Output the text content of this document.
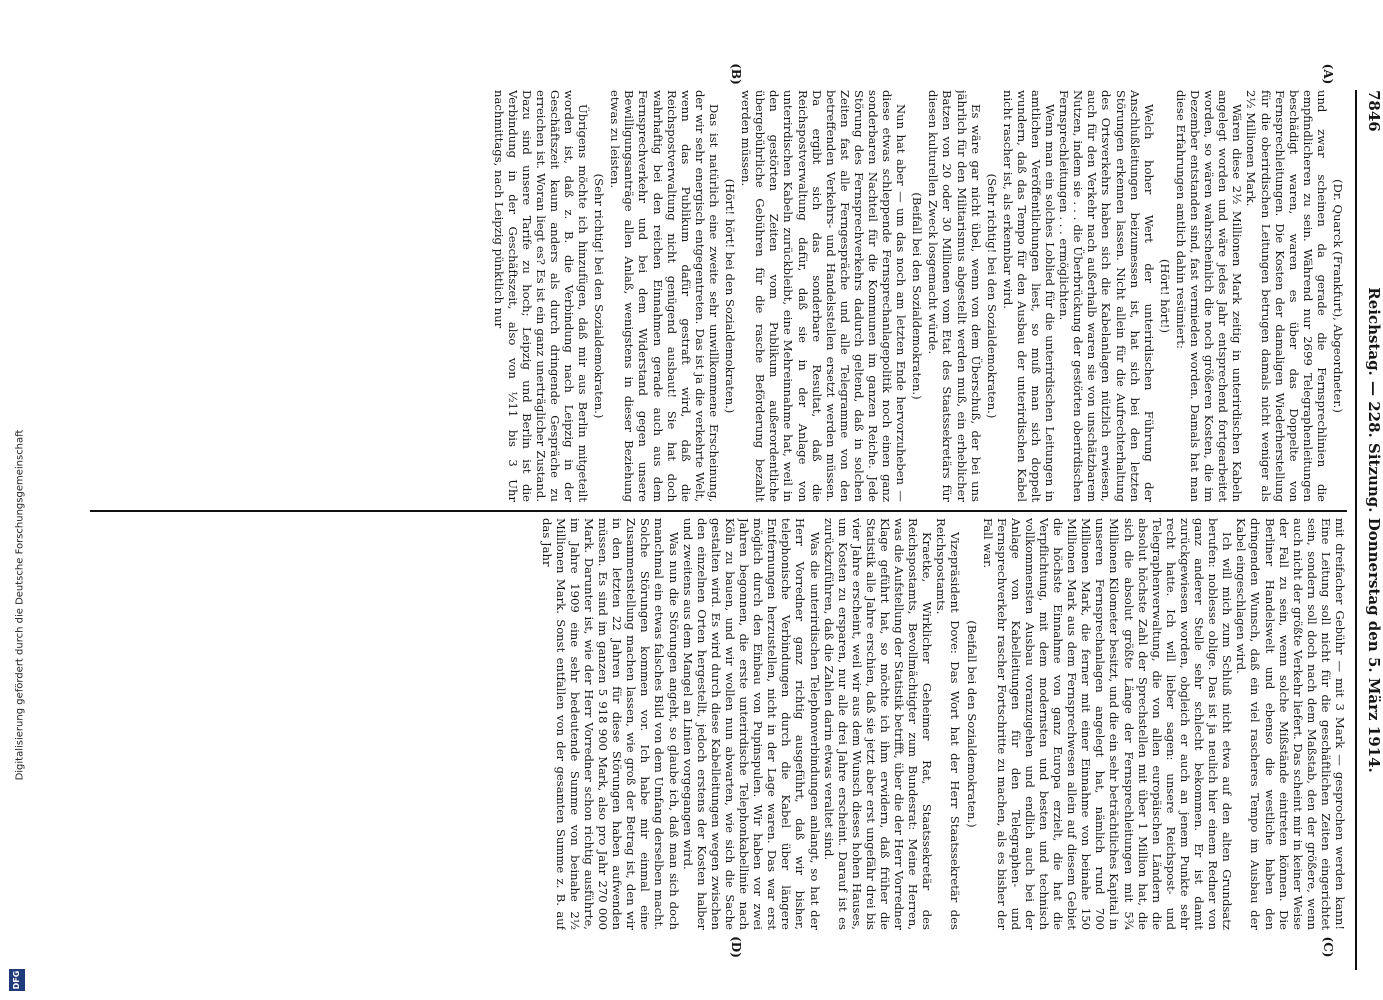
Digitalisierung gefördert durch die Deutsche Forschungsgemeinschaft
DFG
7846
Reichstag. — 228. Sitzung. Donnerstag den 5. März 1914.
(A)
(B)
(C)
(D)

(Dr. Quarck (Frankfurt), Abgeordneter.)

und zwar scheinen da gerade die Fernsprechlinien die empfindlicheren zu sein. Während nur 2699 Telegraphenleitungen beschädigt waren, waren es über das Doppelte von Fernsprechleitungen. Die Kosten der damaligen Wiederherstellung für die oberirdischen Leitungen betrugen damals nicht weniger als 2½ Millionen Mark.

Wären diese 2½ Millionen Mark zeitig in unterirdischen Kabeln angelegt worden und wäre jedes Jahr entsprechend fortgearbeitet worden, so wären wahrscheinlich die noch größeren Kosten, die im Dezember entstanden sind, fast vermieden worden. Damals hat man diese Erfahrungen amtlich dahin resümiert:

(Hört! hört!)

Welch hoher Wert der unterirdischen Führung der Anschlußleitungen beizumessen ist, hat sich bei den letzten Störungen erkennen lassen. Nicht allein für die Aufrechterhaltung des Ortsverkehrs haben sich die Kabelanlagen nützlich erwiesen, auch für den Verkehr nach außerhalb waren sie von unschätzbarem Nutzen, indem sie . . . die Überbrückung der gestörten oberirdischen Fernsprechleitungen . . . ermöglichten.

Wenn man ein solches Loblied für die unterirdischen Leitungen in amtlichen Veröffentlichungen liest, so muß man sich doppelt wundern, daß das Tempo für den Ausbau der unterirdischen Kabel nicht rascher ist, als erkennbar wird.

(Sehr richtig! bei den Sozialdemokraten.)

Es wäre gar nicht übel, wenn von dem Überschuß, der bei uns jährlich für den Militarismus abgestellt werden muß, ein erheblicher Batzen von 20 oder 30 Millionen vom Etat des Staatssekretärs für diesen kulturellen Zweck losgemacht würde.

(Beifall bei den Sozialdemokraten.)

Nun hat aber — um das noch am letzten Ende hervorzuheben — diese etwas schleppende Fernsprechanlagepolitik noch einen ganz sonderbaren Nachteil für die Kommunen im ganzen Reiche. Jede Störung des Fernsprechverkehrs dadurch geltend, daß in solchen Zeiten fast alle Ferngespräche und alle Telegramme von den betreffenden Verkehrs- und Handelsstellen ersetzt werden müssen. Da ergibt sich das sonderbare Resultat, daß die Reichspostverwaltung dafür, daß sie in der Anlage von unterirdischen Kabeln zurückbleibt, eine Mehreinnahme hat, weil in den gestörten Zeiten vom Publikum außerordentliche übergebührliche Gebühren für die rasche Beförderung bezahlt werden müssen.

(Hört! hört! bei den Sozialdemokraten.)

Das ist natürlich eine zweite sehr unwillkommene Erscheinung, der wir sehr energisch entgegentreten. Das ist ja die verkehrte Welt, wenn das Publikum dafür gestraft wird, daß die Reichspostverwaltung nicht genügend ausbaut! Sie hat doch wahrhaftig bei den reichen Einnahmen gerade auch aus dem Fernsprechverkehr und bei dem Widerstand gegen unsere Bewilligungsanträge allen Anlaß, wenigstens in dieser Beziehung etwas zu leisten.

(Sehr richtig! bei den Sozialdemokraten.)

Übrigens möchte ich hinzufügen, daß mir aus Berlin mitgeteilt worden ist, daß z. B. die Verbindung nach Leipzig in der Geschäftszeit kaum anders als durch dringende Gespräche zu erreichen ist. Woran liegt es? Es ist ein ganz unerträglicher Zustand. Dazu sind unsere Tarife zu hoch; Leipzig und Berlin ist die Verbindung in der Geschäftszeit, also von ½11 bis 3 Uhr nachmittags, nach Leipzig pünktlich nur

mit dreifacher Gebühr — mit 3 Mark — gesprochen werden kann! Eine Leitung soll nicht für die geschäftlichen Zeiten eingerichtet sein, sondern soll doch nach dem Maßstab, den der größere, wenn auch nicht der größte Verkehr liefert. Das scheint mir in keiner Weise der Fall zu sein, wenn solche Mißstände eintreten können. Die Berliner Handelswelt und ebenso die westliche haben den dringenden Wunsch, daß ein viel rascheres Tempo im Ausbau der Kabel eingeschlagen wird.

Ich will mich zum Schluß nicht etwa auf den alten Grundsatz berufen: noblesse oblige. Das ist ja neulich hier einem Redner von ganz anderer Stelle sehr schlecht bekommen. Er ist damit zurückgewiesen worden, obgleich er auch an jenem Punkte sehr recht hatte. Ich will lieber sagen: unsere Reichspost- und Telegraphenverwaltung, die von allen europäischen Ländern die absolut höchste Zahl der Sprechstellen mit über 1 Million hat, die sich die absolut größte Länge der Fernsprechleitungen mit 5¾ Millionen Kilometer besitzt, und die ein sehr beträchtliches Kapital in unseren Fernsprechanlagen angelegt hat, nämlich rund 700 Millionen Mark, die ferner mit einer Einnahme von beinahe 150 Millionen Mark aus dem Fernsprechwesen allein auf diesem Gebiet die höchste Einnahme von ganz Europa erzielt, die hat die Verpflichtung, mit dem modernsten und besten und technisch vollkommensten Ausbau voranzugehen und endlich auch bei der Anlage von Kabelleitungen für den Telegraphen- und Fernsprechverkehr rascher Fortschritte zu machen, als es bisher der Fall war.

(Beifall bei den Sozialdemokraten.)

Vizepräsident Dove: Das Wort hat der Herr Staatssekretär des Reichspostamts.

Kraetke, Wirklicher Geheimer Rat, Staatssekretär des Reichspostamts, Bevollmächtigter zum Bundesrat: Meine Herren, was die Aufstellung der Statistik betrifft, über die der Herr Vorredner Klage geführt hat, so möchte ich ihm erwidern, daß früher die Statistik alle Jahre erschien, daß sie jetzt aber erst ungefähr drei bis vier Jahre erscheint, weil wir aus dem Wunsch dieses hohen Hauses, um Kosten zu ersparen, nur alle drei Jahre erscheint. Darauf ist es zurückzuführen, daß die Zahlen darin etwas veraltet sind.

Was die unterirdischen Telephonverbindungen anlangt, so hat der Herr Vorredner ganz richtig ausgeführt, daß wir bisher, telephonische Verbindungen durch die Kabel über längere Entfernungen herzustellen, nicht in der Lage waren. Das war erst möglich durch den Einbau von Pupinspulen. Wir haben vor zwei Jahren begonnen, die erste unterirdische Telephonkabellinie nach Köln zu bauen, und wir wollen nun abwarten, wie sich die Sache gestalten wird. Es wird durch diese Kabelleitungen wegen zwischen den einzelnen Orten hergestellt, jedoch erstens der Kosten halber und zweitens aus dem Mangel an Linien vorgegangen wird.

Was nun die Störungen angeht, so glaube ich, daß man sich doch manchmal ein etwas falsches Bild von dem Umfang derselben macht. Solche Störungen kommen vor. Ich habe mir einmal eine Zusammenstellung machen lassen, wie groß der Betrag ist, den wir in den letzten 22 Jahren für diese Störungen haben aufwenden müssen. Es sind im ganzen 5 918 900 Mark, also pro Jahr 270 000 Mark. Darunter ist, wie der Herr Vorredner schon richtig ausführte, im Jahre 1909 eine sehr bedeutende Summe von beinahe 2½ Millionen Mark. Sonst entfallen von der gesamten Summe z. B. auf das Jahr
